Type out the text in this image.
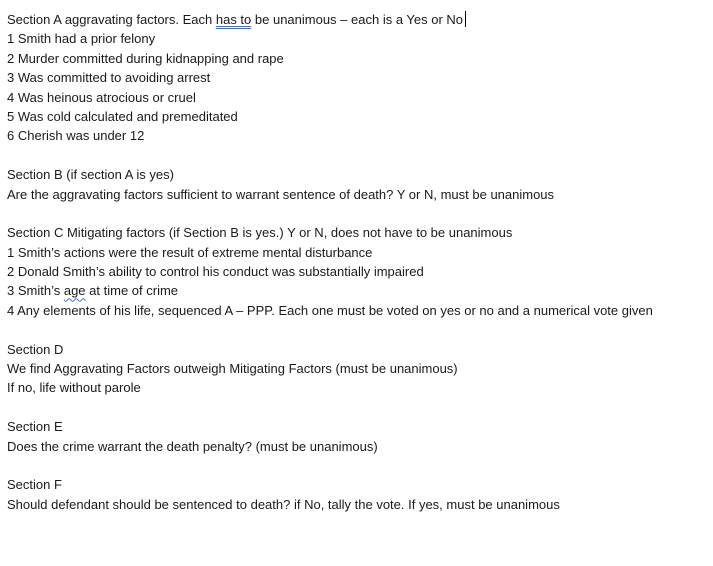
Section A aggravating factors. Each has to be unanimous – each is a Yes or No
1 Smith had a prior felony
2 Murder committed during kidnapping and rape
3 Was committed to avoiding arrest
4 Was heinous atrocious or cruel
5 Was cold calculated and premeditated
6 Cherish was under 12
Section B (if section A is yes)
Are the aggravating factors sufficient to warrant sentence of death? Y or N, must be unanimous
Section C Mitigating factors (if Section B is yes.) Y or N, does not have to be unanimous
1 Smith’s actions were the result of extreme mental disturbance
2 Donald Smith’s ability to control his conduct was substantially impaired
3 Smith’s age at time of crime
4 Any elements of his life, sequenced A – PPP. Each one must be voted on yes or no and a numerical vote given
Section D
We find Aggravating Factors outweigh Mitigating Factors (must be unanimous)
If no, life without parole
Section E
Does the crime warrant the death penalty? (must be unanimous)
Section F
Should defendant should be sentenced to death? if No, tally the vote. If yes, must be unanimous
